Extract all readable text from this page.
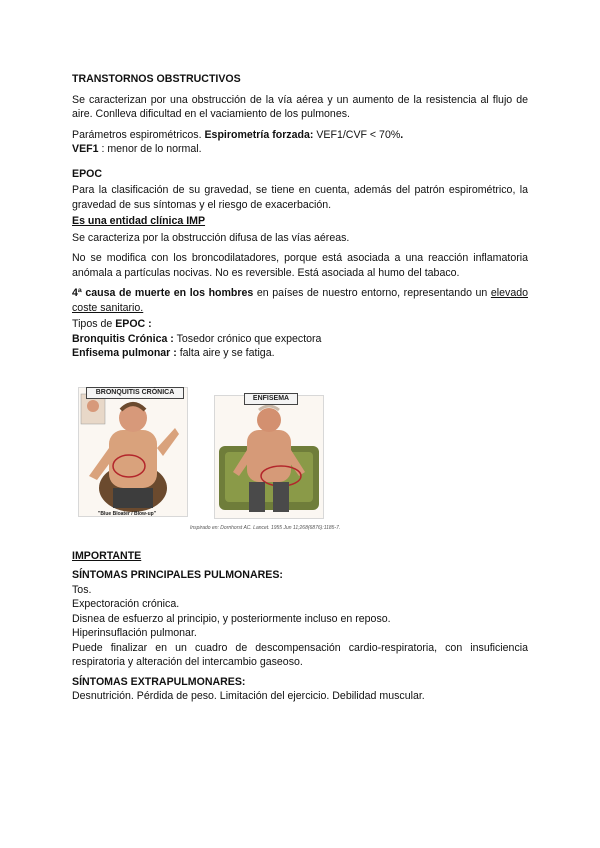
TRANSTORNOS OBSTRUCTIVOS

Se caracterizan por una obstrucción de la vía aérea y un aumento de la resistencia al flujo de aire. Conlleva dificultad en el vaciamiento de los pulmones.

Parámetros espirométricos. Espirometría forzada: VEF1/CVF < 70%.

VEF1 : menor de lo normal.

EPOC

Para la clasificación de su gravedad, se tiene en cuenta, además del patrón espirométrico, la gravedad de sus síntomas y el riesgo de exacerbación.

Es una entidad clínica IMP

Se caracteriza por la obstrucción difusa de las vías aéreas.

No se modifica con los broncodilatadores, porque está asociada a una reacción inflamatoria anómala a partículas nocivas. No es reversible. Está asociada al humo del tabaco.

4ª causa de muerte en los hombres en países de nuestro entorno, representando un elevado coste sanitario.

Tipos de EPOC :

Bronquitis Crónica : Tosedor crónico que expectora

Enfisema pulmonar : falta aire y se fatiga.

BRONQUITIS CRÓNICA
"Blue Bloater / Blow-up"
ENFISEMA
Inspirado en: Dornhorst AC. Lancet. 1955 Jun 11;268(6876):1185-7.

IMPORTANTE

SÍNTOMAS PRINCIPALES PULMONARES:

Tos.

Expectoración crónica.

Disnea de esfuerzo al principio, y posteriormente incluso en reposo.

Hiperinsuflación pulmonar.

Puede finalizar en un cuadro de descompensación cardio-respiratoria, con insuficiencia respiratoria y alteración del intercambio gaseoso.

SÍNTOMAS EXTRAPULMONARES:

Desnutrición. Pérdida de peso. Limitación del ejercicio. Debilidad muscular.
